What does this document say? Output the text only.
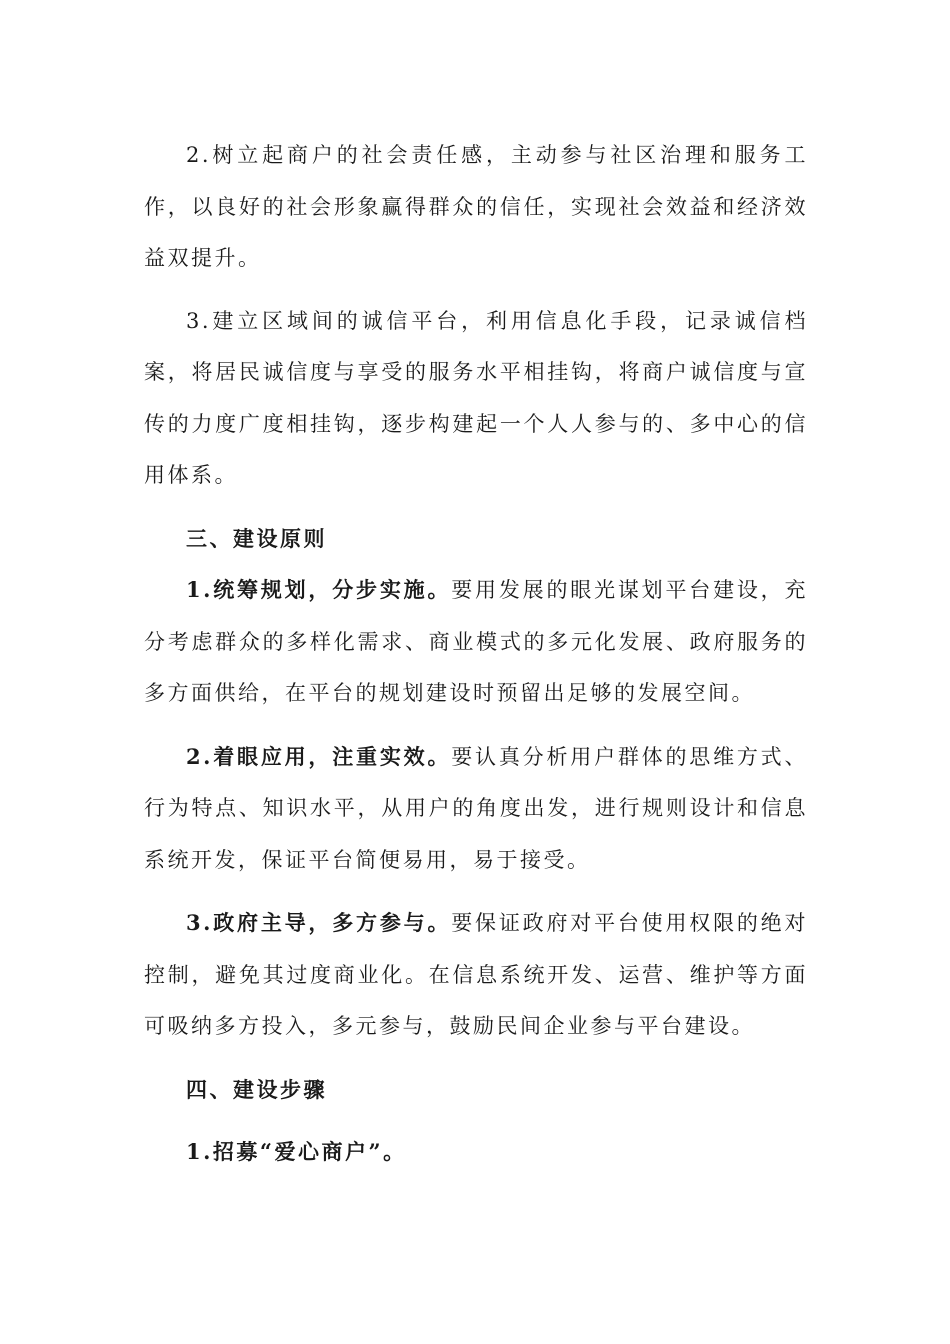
2.树立起商户的社会责任感，主动参与社区治理和服务工作，以良好的社会形象赢得群众的信任，实现社会效益和经济效益双提升。

3.建立区域间的诚信平台，利用信息化手段，记录诚信档案，将居民诚信度与享受的服务水平相挂钩，将商户诚信度与宣传的力度广度相挂钩，逐步构建起一个人人参与的、多中心的信用体系。

三、建设原则

1.统筹规划，分步实施。要用发展的眼光谋划平台建设，充分考虑群众的多样化需求、商业模式的多元化发展、政府服务的多方面供给，在平台的规划建设时预留出足够的发展空间。

2.着眼应用，注重实效。要认真分析用户群体的思维方式、行为特点、知识水平，从用户的角度出发，进行规则设计和信息系统开发，保证平台简便易用，易于接受。

3.政府主导，多方参与。要保证政府对平台使用权限的绝对控制，避免其过度商业化。在信息系统开发、运营、维护等方面可吸纳多方投入，多元参与，鼓励民间企业参与平台建设。

四、建设步骤

1.招募“爱心商户”。
